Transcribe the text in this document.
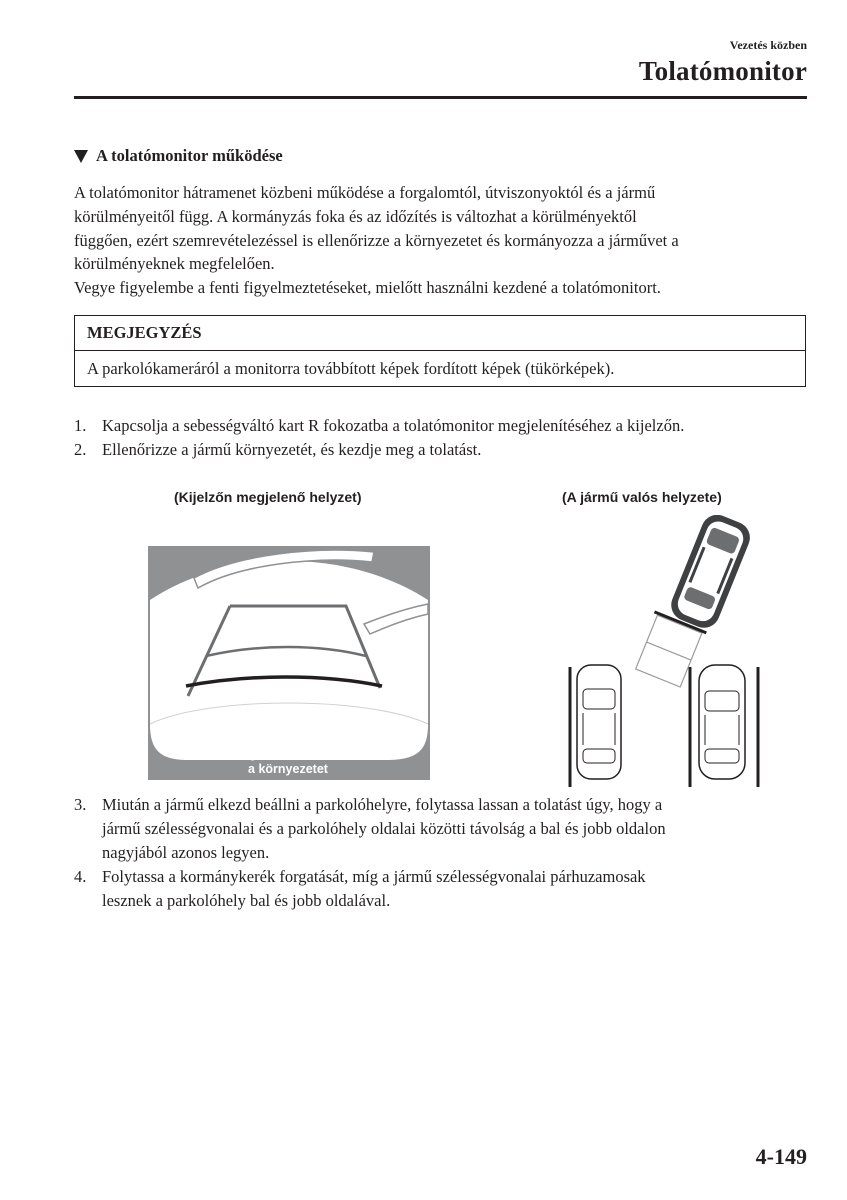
Vezetés közben
Tolatómonitor
A tolatómonitor működése

A tolatómonitor hátramenet közbeni működése a forgalomtól, útviszonyoktól és a jármű

körülményeitől függ. A kormányzás foka és az időzítés is változhat a körülményektől

függően, ezért szemrevételezéssel is ellenőrizze a környezetet és kormányozza a járművet a

körülményeknek megfelelően.

Vegye figyelembe a fenti figyelmeztetéseket, mielőtt használni kezdené a tolatómonitort.

MEGJEGYZÉS
A parkolókameráról a monitorra továbbított képek fordított képek (tükörképek).
1. Kapcsolja a sebességváltó kart R fokozatba a tolatómonitor megjelenítéséhez a kijelzőn.
2. Ellenőrizze a jármű környezetét, és kezdje meg a tolatást.
(Kijelzőn megjelenő helyzet)	(A jármű valós helyzete)
A biztonság érdekében ellenőrizze
a környezetet
3. Miután a jármű elkezd beállni a parkolóhelyre, folytassa lassan a tolatást úgy, hogy a
jármű szélességvonalai és a parkolóhely oldalai közötti távolság a bal és jobb oldalon
nagyjából azonos legyen.
4. Folytassa a kormánykerék forgatását, míg a jármű szélességvonalai párhuzamosak
lesznek a parkolóhely bal és jobb oldalával.
4-149
